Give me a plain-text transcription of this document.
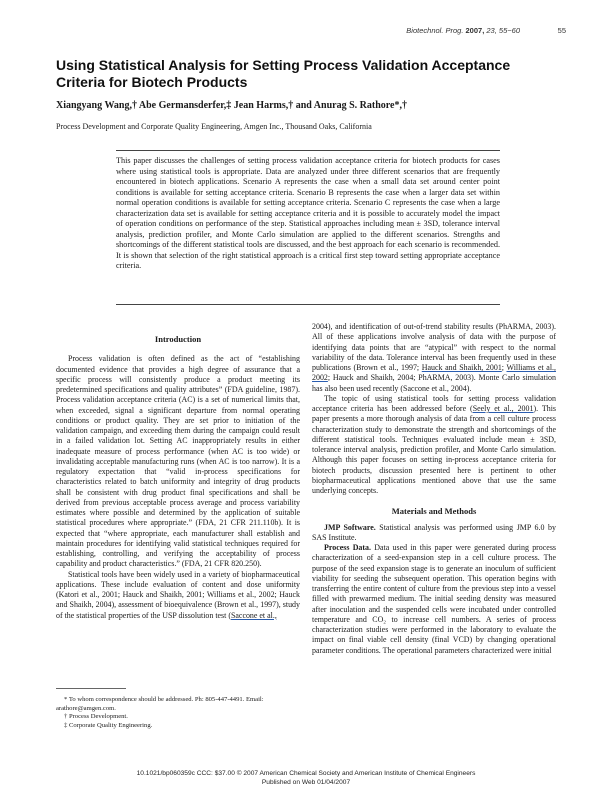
Biotechnol. Prog. 2007, 23, 55−60	55
Using Statistical Analysis for Setting Process Validation Acceptance Criteria for Biotech Products

Xiangyang Wang,† Abe Germansderfer,‡ Jean Harms,† and Anurag S. Rathore*,†

Process Development and Corporate Quality Engineering, Amgen Inc., Thousand Oaks, California

This paper discusses the challenges of setting process validation acceptance criteria for biotech products for cases where using statistical tools is appropriate. Data are analyzed under three different scenarios that are frequently encountered in biotech applications. Scenario A represents the case when a small data set around center point conditions is available for setting acceptance criteria. Scenario B represents the case when a larger data set within normal operation conditions is available for setting acceptance criteria. Scenario C represents the case when a large characterization data set is available for setting acceptance criteria and it is possible to accurately model the impact of operation conditions on performance of the step. Statistical approaches including mean ± 3SD, tolerance interval analysis, prediction profiler, and Monte Carlo simulation are applied to the different scenarios. Strengths and shortcomings of the different statistical tools are discussed, and the best approach for each scenario is recommended. It is shown that selection of the right statistical approach is a critical first step toward setting appropriate acceptance criteria.

Introduction

Process validation is often defined as the act of “establishing documented evidence that provides a high degree of assurance that a specific process will consistently produce a product meeting its predetermined specifications and quality attributes” (FDA guideline, 1987). Process validation acceptance criteria (AC) is a set of numerical limits that, when exceeded, signal a significant departure from normal operating conditions or product quality. They are set prior to initiation of the validation campaign, and exceeding them during the campaign could result in a failed validation lot. Setting AC inappropriately results in either inadequate measure of process performance (when AC is too wide) or invalidating acceptable manufacturing runs (when AC is too narrow). It is a regulatory expectation that “valid in-process specifications for characteristics related to batch uniformity and integrity of drug products shall be consistent with drug product final specifications and shall be derived from previous acceptable process average and process variability estimates where possible and determined by the application of suitable statistical procedures where appropriate.” (FDA, 21 CFR 211.110b). It is expected that “where appropriate, each manufacturer shall establish and maintain procedures for identifying valid statistical techniques required for establishing, controlling, and verifying the acceptability of process capability and product characteristics.” (FDA, 21 CFR 820.250).

Statistical tools have been widely used in a variety of biopharmaceutical applications. These include evaluation of content and dose uniformity (Katori et al., 2001; Hauck and Shaikh, 2001; Williams et al., 2002; Hauck and Shaikh, 2004), assessment of bioequivalence (Brown et al., 1997), study of the statistical properties of the USP dissolution test (Saccone et al.,

* To whom correspondence should be addressed. Ph: 805-447-4491. Email: arathore@amgen.com.
† Process Development.
‡ Corporate Quality Engineering.

2004), and identification of out-of-trend stability results (PhARMA, 2003). All of these applications involve analysis of data with the purpose of identifying data points that are “atypical” with respect to the normal variability of the data. Tolerance interval has been frequently used in these publications (Brown et al., 1997; Hauck and Shaikh, 2001; Williams et al., 2002; Hauck and Shaikh, 2004; PhARMA, 2003). Monte Carlo simulation has also been used recently (Saccone et al., 2004).

The topic of using statistical tools for setting process validation acceptance criteria has been addressed before (Seely et al., 2001). This paper presents a more thorough analysis of data from a cell culture process characterization study to demonstrate the strength and shortcomings of the different statistical tools. Techniques evaluated include mean ± 3SD, tolerance interval analysis, prediction profiler, and Monte Carlo simulation. Although this paper focuses on setting in-process acceptance criteria for biotech products, discussion presented here is pertinent to other biopharmaceutical applications mentioned above that use the same underlying concepts.

Materials and Methods

JMP Software. Statistical analysis was performed using JMP 6.0 by SAS Institute.

Process Data. Data used in this paper were generated during process characterization of a seed-expansion step in a cell culture process. The purpose of the seed expansion stage is to generate an inoculum of sufficient viability for seeding the subsequent operation. This operation begins with transferring the entire content of culture from the previous step into a vessel filled with prewarmed medium. The initial seeding density was measured after inoculation and the suspended cells were incubated under controlled temperature and CO₂ to increase cell numbers. A series of process characterization studies were performed in the laboratory to evaluate the impact on final viable cell density (final VCD) by changing operational parameter conditions. The operational parameters characterized were initial

10.1021/bp060359c CCC: $37.00 © 2007 American Chemical Society and American Institute of Chemical Engineers
Published on Web 01/04/2007
